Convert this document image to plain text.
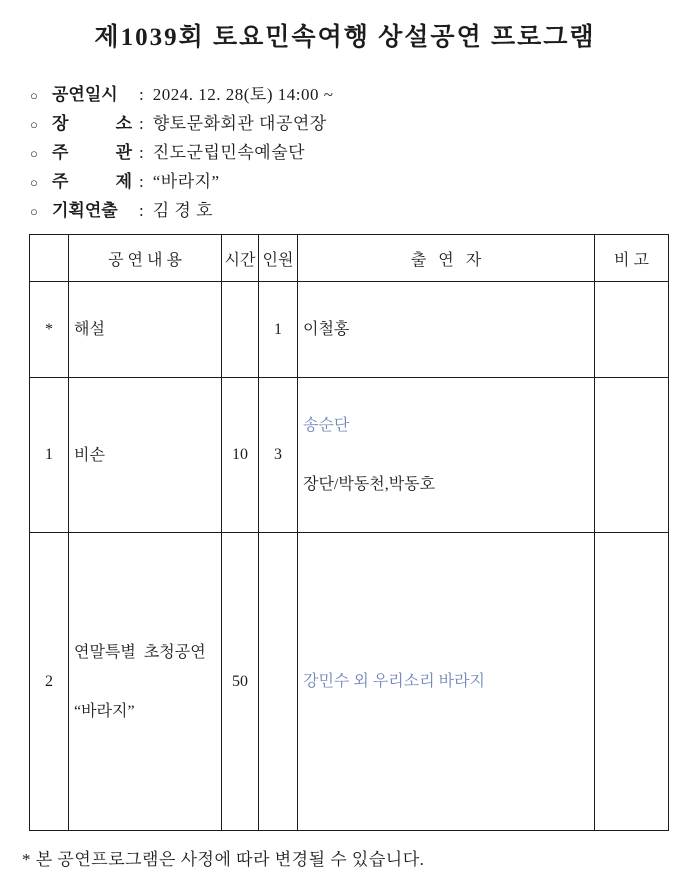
제1039회 토요민속여행 상설공연 프로그램
○ 공연일시	: 2024. 12. 28(토) 14:00 ~
○ 장 소 : 향토문화회관 대공연장
○ 주 관 : 진도군립민속예술단
○ 주 제 : “바라지”
○ 기획연출	: 김 경 호
	공 연 내 용	시간	인원	출   연   자	비 고
*	해설		1	이철홍	

1	비손	10	3	송순단

장단/박동천,박동호	

2	연말특별  초청공연

“바라지”	50		강민수 외 우리소리 바라지	

* 본 공연프로그램은 사정에 따라 변경될 수 있습니다.
